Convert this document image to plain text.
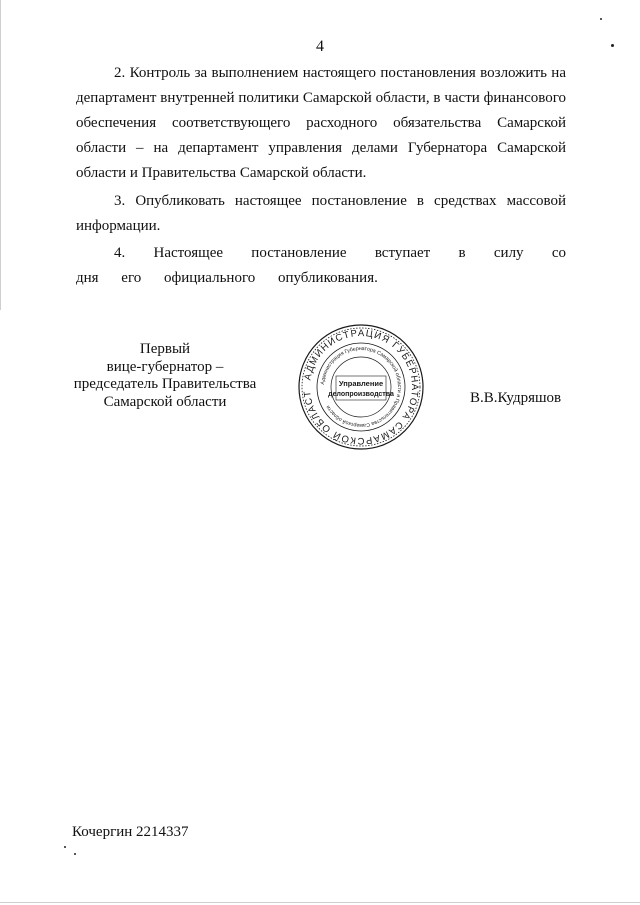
4

2. Контроль за выполнением настоящего постановления возложить на департамент внутренней политики Самарской области, в части финансового обеспечения соответствующего расходного обязательства Самарской области – на департамент управления делами Губернатора Самарской области и Правительства Самарской области.

3. Опубликовать настоящее постановление в средствах массовой информации.

4. Настоящее постановление вступает в силу со дня его официального опубликования.

Первый
вице-губернатор –
председатель Правительства
Самарской области
АДМИНИСТРАЦИЯ ГУБЕРНАТОРА САМАРСКОЙ ОБЛАСТ
Администрация Губернатора Самарской области и Правительства Самарской области
Управление
делопроизводства	В.В.Кудряшов
Кочергин 2214337
